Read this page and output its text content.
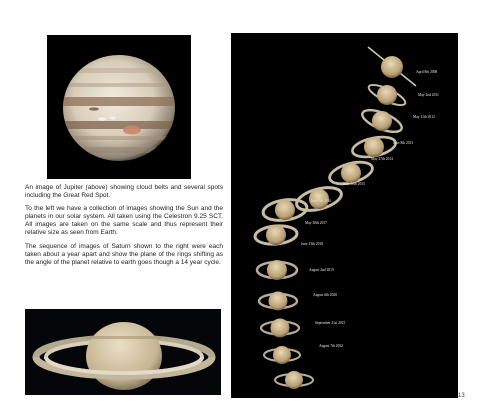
An image of Jupiter (above) showing cloud belts and several spots including the Great Red Spot.

To the left we have a collection of images showing the Sun and the planets in our solar system. All taken using the Celestron 9.25 SCT. All images are taken on the same scale and thus represent their relative size as seen from Earth.

The sequence of images of Saturn shown to the right were each taken about a year apart and show the plane of the rings shifting as the angle of the planet relative to earth goes though a 14 year cycle.

April 8th 2008
May 2nd 2011
May 11th 2012
June 8th 2013
May 27th 2014
June 16th 2015
June 5th 2016
May 30th 2017
June 13th 2018
August 2nd 2019
August 6th 2020
September 21st 2021
August 7th 2022
13
